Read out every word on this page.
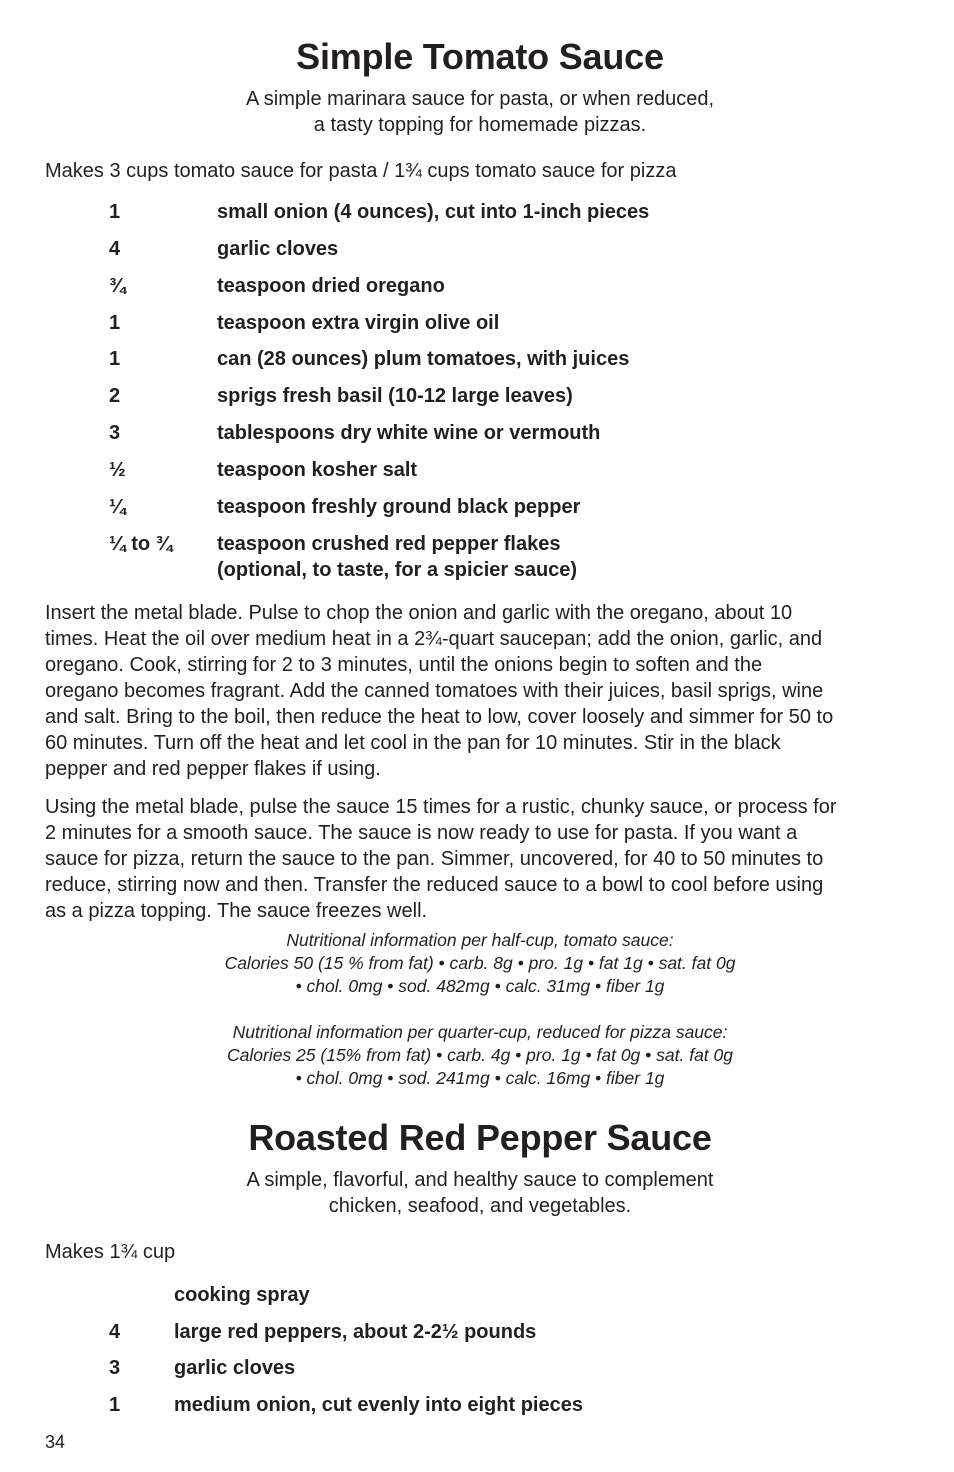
Simple Tomato Sauce
A simple marinara sauce for pasta, or when reduced,
a tasty topping for homemade pizzas.
Makes 3 cups tomato sauce for pasta / 1¾ cups tomato sauce for pizza
1	small onion (4 ounces), cut into 1-inch pieces
4	garlic cloves
¾	teaspoon dried oregano
1	teaspoon extra virgin olive oil
1	can (28 ounces) plum tomatoes, with juices
2	sprigs fresh basil (10-12 large leaves)
3	tablespoons dry white wine or vermouth
½	teaspoon kosher salt
¼	teaspoon freshly ground black pepper
¼ to ¾ teaspoon crushed red pepper flakes
(optional, to taste, for a spicier sauce)
Insert the metal blade. Pulse to chop the onion and garlic with the oregano, about 10
times. Heat the oil over medium heat in a 2¾-quart saucepan; add the onion, garlic, and
oregano. Cook, stirring for 2 to 3 minutes, until the onions begin to soften and the
oregano becomes fragrant. Add the canned tomatoes with their juices, basil sprigs, wine
and salt. Bring to the boil, then reduce the heat to low, cover loosely and simmer for 50 to
60 minutes. Turn off the heat and let cool in the pan for 10 minutes. Stir in the black
pepper and red pepper flakes if using.
Using the metal blade, pulse the sauce 15 times for a rustic, chunky sauce, or process for
2 minutes for a smooth sauce. The sauce is now ready to use for pasta. If you want a
sauce for pizza, return the sauce to the pan. Simmer, uncovered, for 40 to 50 minutes to
reduce, stirring now and then. Transfer the reduced sauce to a bowl to cool before using
as a pizza topping. The sauce freezes well.
Nutritional information per half-cup, tomato sauce:
Calories 50 (15 % from fat) • carb. 8g • pro. 1g • fat 1g • sat. fat 0g
• chol. 0mg • sod. 482mg • calc. 31mg • fiber 1g
Nutritional information per quarter-cup, reduced for pizza sauce:
Calories 25 (15% from fat) • carb. 4g • pro. 1g • fat 0g • sat. fat 0g
• chol. 0mg • sod. 241mg • calc. 16mg • fiber 1g
Roasted Red Pepper Sauce
A simple, flavorful, and healthy sauce to complement
chicken, seafood, and vegetables.
Makes 1¾ cup
cooking spray
4	large red peppers, about 2-2½ pounds
3	garlic cloves
1	medium onion, cut evenly into eight pieces
34
